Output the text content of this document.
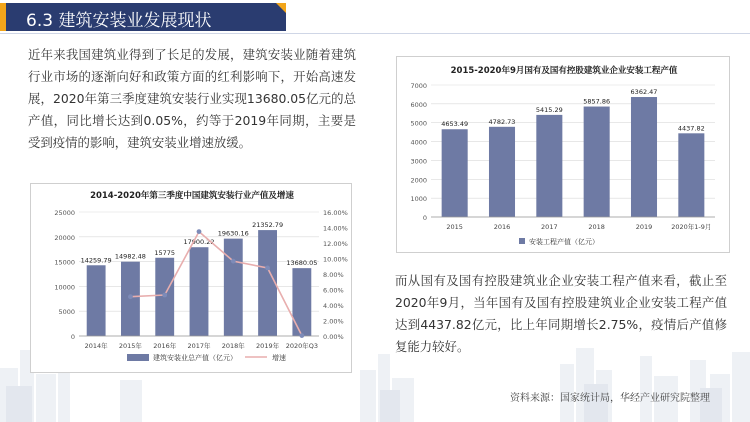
6.3 建筑安装业发展现状
近年来我国建筑业得到了长足的发展，建筑安装业随着建筑行业市场的逐渐向好和政策方面的红利影响下，开始高速发展，2020年第三季度建筑安装行业实现13680.05亿元的总产值，同比增长达到0.05%，约等于2019年同期，主要是受到疫情的影响，建筑安装业增速放缓。
2014-2020年第三季度中国建筑安装行业产值及增速
0
5000
10000
15000
20000
25000
0.00%
2.00%
4.00%
6.00%
8.00%
10.00%
12.00%
14.00%
16.00%
14259.79
2014年
14982.48
2015年
15775
2016年
17900.22
2017年
19630.16
2018年
21352.79
2019年
13680.05
2020年Q3
建筑安装业总产值（亿元）	增速
2015-2020年9月国有及国有控股建筑业企业安装工程产值
0
1000
2000
3000
4000
5000
6000
7000
4653.49
2015
4782.73
2016
5415.29
2017
5857.86
2018
6362.47
2019
4437.82
2020年1-9月
安装工程产值（亿元）
而从国有及国有控股建筑业企业安装工程产值来看，截止至2020年9月，当年国有及国有控股建筑业企业安装工程产值达到4437.82亿元，比上年同期增长2.75%，疫情后产值修复能力较好。
资料来源：国家统计局，华经产业研究院整理
